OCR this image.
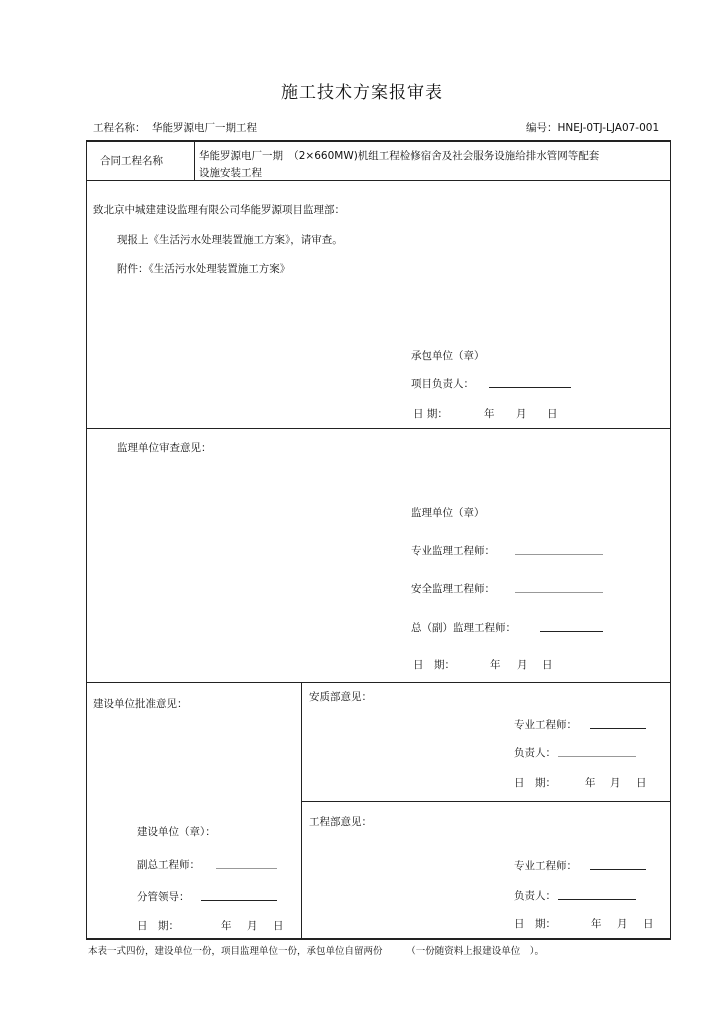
施工技术方案报审表
工程名称： 华能罗源电厂一期工程	编号：HNEJ-0TJ-LJA07-001
合同工程名称	华能罗源电厂一期　（2×660MW)机组工程检修宿舍及社会服务设施给排水管网等配套
设施安装工程
致北京中城建建设监理有限公司华能罗源项目监理部：
现报上《生活污水处理装置施工方案》，请审查。
附件：《生活污水处理装置施工方案》
承包单位（章）
项目负责人：
日 期：	年 月 日
监理单位审查意见：
监理单位（章）
专业监理工程师：
安全监理工程师：
总（副）监理工程师：
日　期：	年 月 日
建设单位批准意见：
建设单位（章）：
副总工程师：
分管领导：
日　期：	年 月 日
安质部意见：
专业工程师：
负责人：
日　期：	年 月 日
工程部意见：
专业工程师：
负责人：
日　期：	年 月 日
本表一式四份，建设单位一份，项目监理单位一份，承包单位自留两份　　　（一份随资料上报建设单位　）。
